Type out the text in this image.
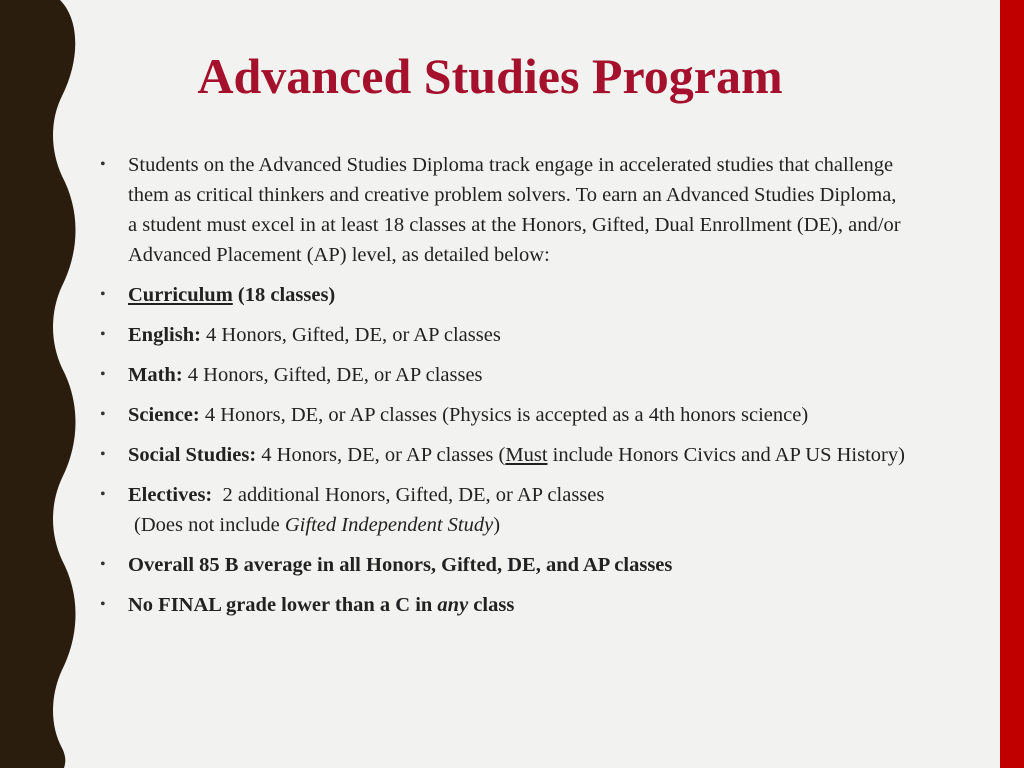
Advanced Studies Program
•	Students on the Advanced Studies Diploma track engage in accelerated studies that challenge them as critical thinkers and creative problem solvers. To earn an Advanced Studies Diploma, a student must excel in at least 18 classes at the Honors, Gifted, Dual Enrollment (DE), and/or Advanced Placement (AP) level, as detailed below:
•	Curriculum (18 classes)
•	English: 4 Honors, Gifted, DE, or AP classes
•	Math: 4 Honors, Gifted, DE, or AP classes
•	Science: 4 Honors, DE, or AP classes (Physics is accepted as a 4th honors science)
•	Social Studies: 4 Honors, DE, or AP classes (Must include Honors Civics and AP US History)
•	Electives:  2 additional Honors, Gifted, DE, or AP classes
(Does not include Gifted Independent Study)
•	Overall 85 B average in all Honors, Gifted, DE, and AP classes
•	No FINAL grade lower than a C in any class
